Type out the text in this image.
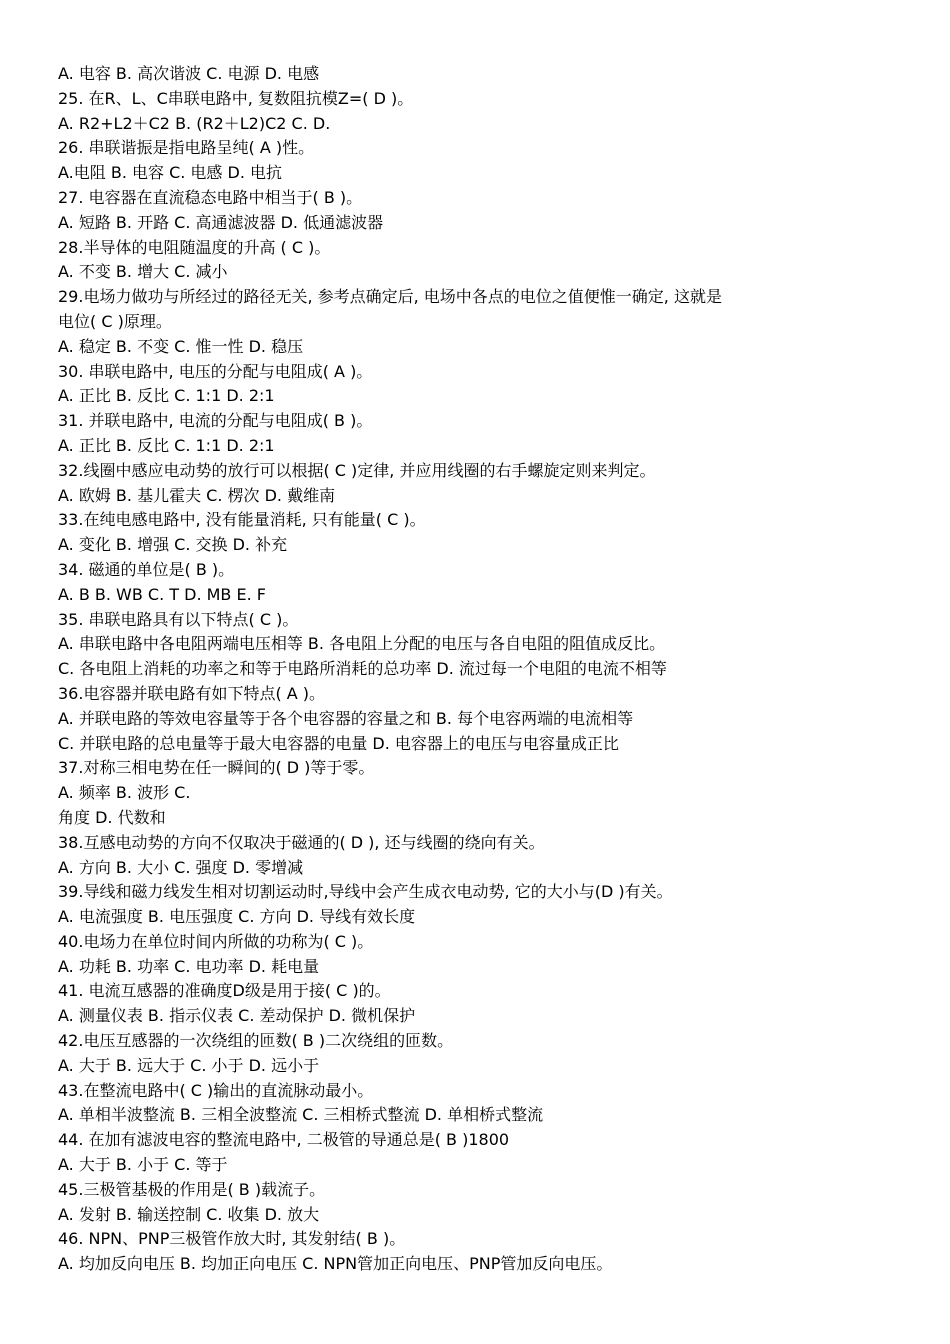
A. 电容 B. 高次谐波 C. 电源 D. 电感
25. 在R、L、C串联电路中, 复数阻抗模Z=( D )。
A. R2+L2＋C2 B. (R2＋L2)C2 C. D.
26. 串联谐振是指电路呈纯( A )性。
A.电阻 B. 电容 C. 电感 D. 电抗
27. 电容器在直流稳态电路中相当于( B )。
A. 短路 B. 开路 C. 高通滤波器 D. 低通滤波器
28.半导体的电阻随温度的升高 ( C )。
A. 不变 B. 增大 C. 减小
29.电场力做功与所经过的路径无关, 参考点确定后, 电场中各点的电位之值便惟一确定, 这就是
电位( C )原理。
A. 稳定 B. 不变 C. 惟一性 D. 稳压
30. 串联电路中, 电压的分配与电阻成( A )。
A. 正比 B. 反比 C. 1:1 D. 2:1
31. 并联电路中, 电流的分配与电阻成( B )。
A. 正比 B. 反比 C. 1:1 D. 2:1
32.线圈中感应电动势的放行可以根据( C )定律, 并应用线圈的右手螺旋定则来判定。
A. 欧姆 B. 基儿霍夫 C. 楞次 D. 戴维南
33.在纯电感电路中, 没有能量消耗, 只有能量( C )。
A. 变化 B. 增强 C. 交换 D. 补充
34. 磁通的单位是( B )。
A. B B. WB C. T D. MB E. F
35. 串联电路具有以下特点( C )。
A. 串联电路中各电阻两端电压相等 B. 各电阻上分配的电压与各自电阻的阻值成反比。
C. 各电阻上消耗的功率之和等于电路所消耗的总功率 D. 流过每一个电阻的电流不相等
36.电容器并联电路有如下特点( A )。
A. 并联电路的等效电容量等于各个电容器的容量之和 B. 每个电容两端的电流相等
C. 并联电路的总电量等于最大电容器的电量 D. 电容器上的电压与电容量成正比
37.对称三相电势在任一瞬间的( D )等于零。
A. 频率 B. 波形 C.
角度 D. 代数和
38.互感电动势的方向不仅取决于磁通的( D ), 还与线圈的绕向有关。
A. 方向 B. 大小 C. 强度 D. 零增减
39.导线和磁力线发生相对切割运动时,导线中会产生成衣电动势, 它的大小与(D )有关。
A. 电流强度 B. 电压强度 C. 方向 D. 导线有效长度
40.电场力在单位时间内所做的功称为( C )。
A. 功耗 B. 功率 C. 电功率 D. 耗电量
41. 电流互感器的准确度D级是用于接( C )的。
A. 测量仪表 B. 指示仪表 C. 差动保护 D. 微机保护
42.电压互感器的一次绕组的匝数( B )二次绕组的匝数。
A. 大于 B. 远大于 C. 小于 D. 远小于
43.在整流电路中( C )输出的直流脉动最小。
A. 单相半波整流 B. 三相全波整流 C. 三相桥式整流 D. 单相桥式整流
44. 在加有滤波电容的整流电路中, 二极管的导通总是( B )1800
A. 大于 B. 小于 C. 等于
45.三极管基极的作用是( B )载流子。
A. 发射 B. 输送控制 C. 收集 D. 放大
46. NPN、PNP三极管作放大时, 其发射结( B )。
A. 均加反向电压 B. 均加正向电压 C. NPN管加正向电压、PNP管加反向电压。
